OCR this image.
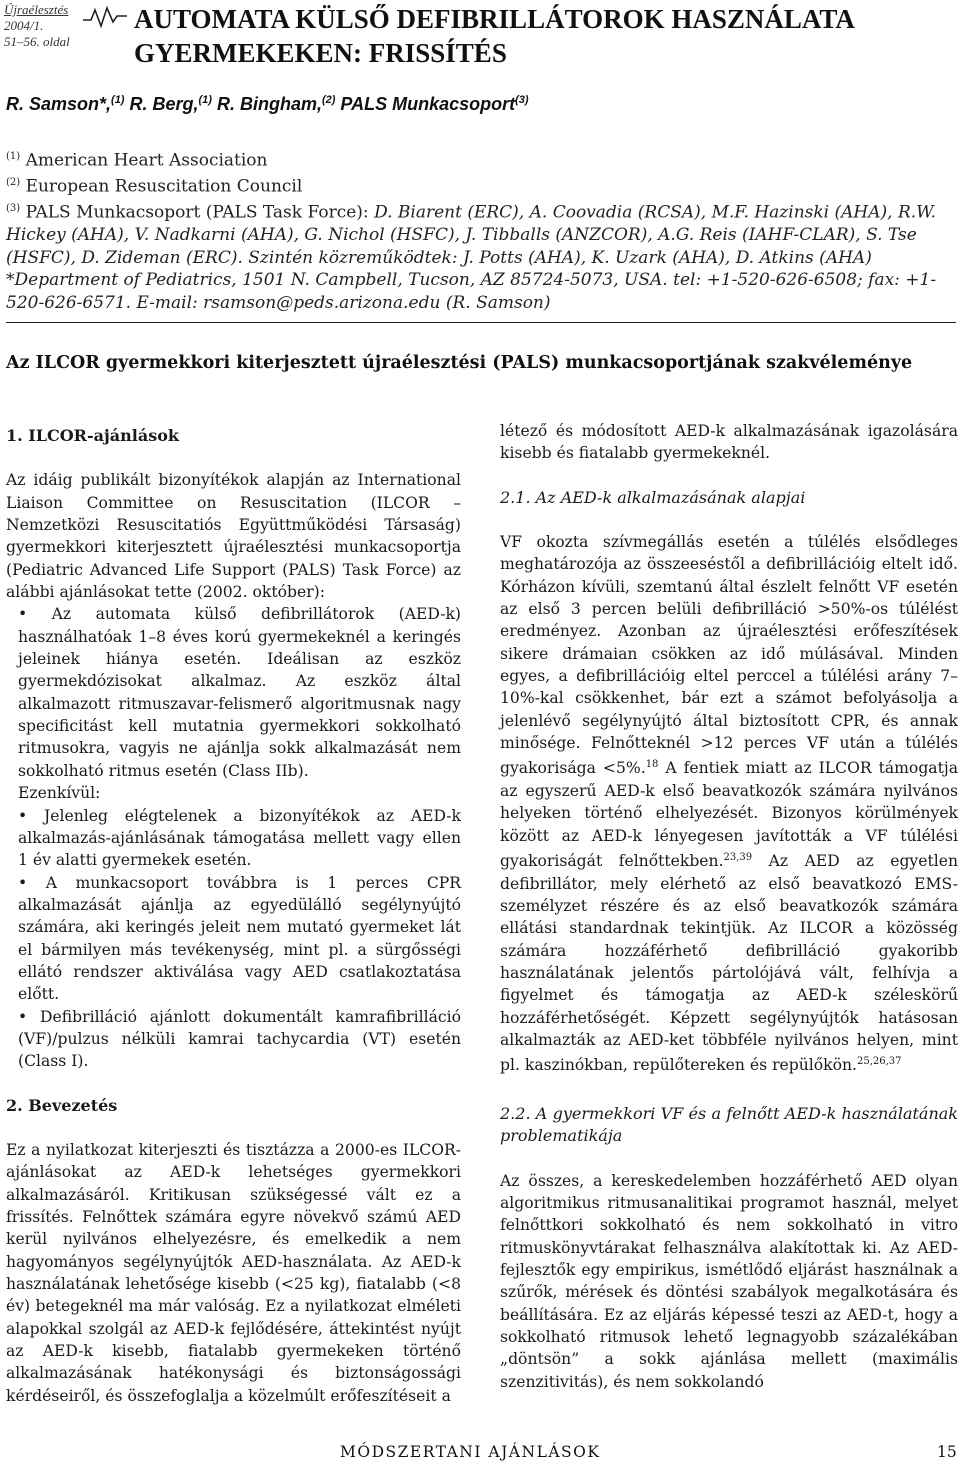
Újraélesztés
2004/1.
51–56. oldal
AUTOMATA KÜLSŐ DEFIBRILLÁTOROK HASZNÁLATA
GYERMEKEKEN: FRISSÍTÉS
R. Samson*,$^{(1)}$ R. Berg,$^{(1)}$ R. Bingham,$^{(2)}$ PALS Munkacsoport$^{(3)}$
$^{(1)}$ American Heart Association
$^{(2)}$ European Resuscitation Council
$^{(3)}$ PALS Munkacsoport (PALS Task Force): D. Biarent (ERC), A. Coovadia (RCSA), M.F. Hazinski (AHA), R.W. Hickey (AHA), V. Nadkarni (AHA), G. Nichol (HSFC), J. Tibballs (ANZCOR), A.G. Reis (IAHF-CLAR), S. Tse (HSFC), D. Zideman (ERC). Szintén közreműködtek: J. Potts (AHA), K. Uzark (AHA), D. Atkins (AHA)
*Department of Pediatrics, 1501 N. Campbell, Tucson, AZ 85724-5073, USA. tel: +1-520-626-6508; fax: +1-520-626-6571. E-mail: rsamson@peds.arizona.edu (R. Samson)
Az ILCOR gyermekkori kiterjesztett újraélesztési (PALS) munkacsoportjának szakvéleménye
1. ILCOR-ajánlások

Az idáig publikált bizonyítékok alapján az International Liaison Committee on Resuscitation (ILCOR – Nemzetközi Resuscitatiós Együttműködési Társaság) gyermekkori kiterjesztett újraélesztési munkacsoportja (Pediatric Advanced Life Support (PALS) Task Force) az alábbi ajánlásokat tette (2002. október):

• Az automata külső defibrillátorok (AED-k) használhatóak 1–8 éves korú gyermekeknél a keringés jeleinek hiánya esetén. Ideálisan az eszköz gyermekdózisokat alkalmaz. Az eszköz által alkalmazott ritmuszavar-felismerő algoritmusnak nagy specificitást kell mutatnia gyermekkori sokkolható ritmusokra, vagyis ne ajánlja sokk alkalmazását nem sokkolható ritmus esetén (Class IIb).

Ezenkívül:

• Jelenleg elégtelenek a bizonyítékok az AED-k alkalmazás-ajánlásának támogatása mellett vagy ellen 1 év alatti gyermekek esetén.

• A munkacsoport továbbra is 1 perces CPR alkalmazását ajánlja az egyedülálló segélynyújtó számára, aki keringés jeleit nem mutató gyermeket lát el bármilyen más tevékenység, mint pl. a sürgősségi ellátó rendszer aktiválása vagy AED csatlakoztatása előtt.

• Defibrilláció ajánlott dokumentált kamrafibrilláció (VF)/pulzus nélküli kamrai tachycardia (VT) esetén (Class I).

2. Bevezetés

Ez a nyilatkozat kiterjeszti és tisztázza a 2000-es ILCOR-ajánlásokat az AED-k lehetséges gyermekkori alkalmazásáról. Kritikusan szükségessé vált ez a frissítés. Felnőttek számára egyre növekvő számú AED kerül nyilvános elhelyezésre, és emelkedik a nem hagyományos segélynyújtók AED-használata. Az AED-k használatának lehetősége kisebb (<25 kg), fiatalabb (<8 év) betegeknél ma már valóság. Ez a nyilatkozat elméleti alapokkal szolgál az AED-k fejlődésére, áttekintést nyújt az AED-k kisebb, fiatalabb gyermekeken történő alkalmazásának hatékonysági és biztonságossági kérdéseiről, és összefoglalja a közelmúlt erőfeszítéseit a

létező és módosított AED-k alkalmazásának igazolására kisebb és fiatalabb gyermekeknél.

2.1. Az AED-k alkalmazásának alapjai

VF okozta szívmegállás esetén a túlélés elsődleges meghatározója az összeeséstől a defibrillációig eltelt idő. Kórházon kívüli, szemtanú által észlelt felnőtt VF esetén az első 3 percen belüli defibrilláció >50%-os túlélést eredményez. Azonban az újraélesztési erőfeszítések sikere drámaian csökken az idő múlásával. Minden egyes, a defibrillációig eltel perccel a túlélési arány 7–10%-kal csökkenhet, bár ezt a számot befolyásolja a jelenlévő segélynyújtó által biztosított CPR, és annak minősége. Felnőtteknél >12 perces VF után a túlélés gyakorisága <5%.$^{18}$ A fentiek miatt az ILCOR támogatja az egyszerű AED-k első beavatkozók számára nyilvános helyeken történő elhelyezését. Bizonyos körülmények között az AED-k lényegesen javították a VF túlélési gyakoriságát felnőttekben.$^{23,39}$ Az AED az egyetlen defibrillátor, mely elérhető az első beavatkozó EMS-személyzet részére és az első beavatkozók számára ellátási standardnak tekintjük. Az ILCOR a közösség számára hozzáférhető defibrilláció gyakoribb használatának jelentős pártolójává vált, felhívja a figyelmet és támogatja az AED-k széleskörű hozzáférhetőségét. Képzett segélynyújtók hatásosan alkalmazták az AED-ket többféle nyilvános helyen, mint pl. kaszinókban, repülőtereken és repülőkön.$^{25,26,37}$

2.2. A gyermekkori VF és a felnőtt AED-k használatának problematikája

Az összes, a kereskedelemben hozzáférhető AED olyan algoritmikus ritmusanalitikai programot használ, melyet felnőttkori sokkolható és nem sokkolható in vitro ritmuskönyvtárakat felhasználva alakítottak ki. Az AED-fejlesztők egy empirikus, ismétlődő eljárást használnak a szűrők, mérések és döntési szabályok megalkotására és beállítására. Ez az eljárás képessé teszi az AED-t, hogy a sokkolható ritmusok lehető legnagyobb százalékában „döntsön” a sokk ajánlása mellett (maximális szenzitivitás), és nem sokkolandó

MÓDSZERTANI AJÁNLÁSOK	15
